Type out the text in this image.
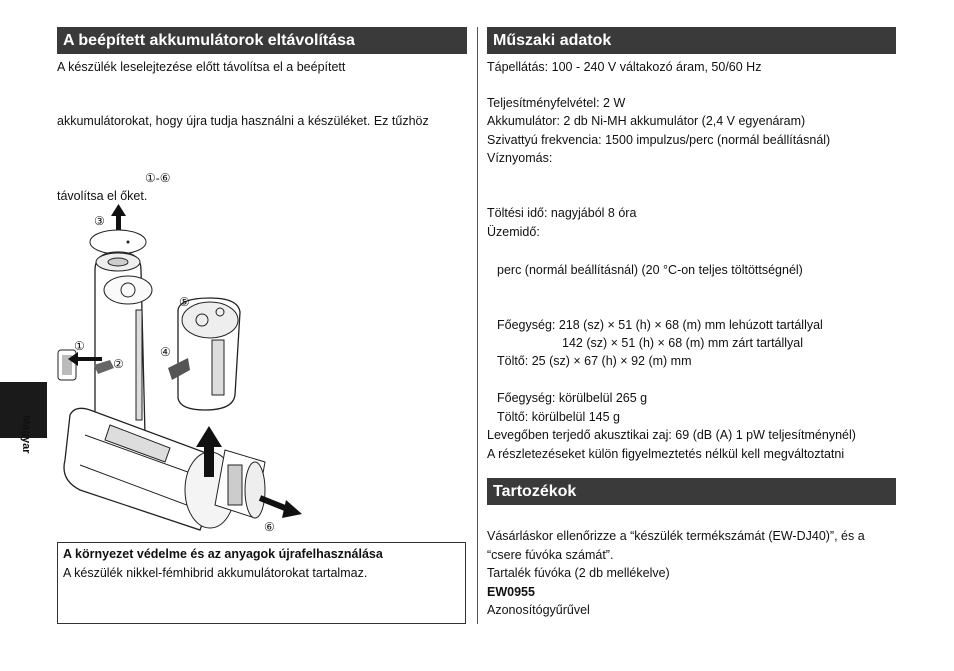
A beépített akkumulátorok eltávolítása
A készülék leselejtezése előtt távolítsa el a beépített
akkumulátorokat, hogy újra tudja használni a készüléket. Ez tűzhöz
①-⑥
távolítsa el őket.
③
⑤
①
②
④
⑥
A környezet védelme és az anyagok újrafelhasználása
A készülék nikkel-fémhibrid akkumulátorokat tartalmaz.
Magyar
Műszaki adatok
Tápellátás: 100 - 240 V váltakozó áram, 50/60 Hz
Teljesítményfelvétel: 2 W
Akkumulátor: 2 db Ni-MH akkumulátor (2,4 V egyenáram)
Szivattyú frekvencia: 1500 impulzus/perc (normál beállításnál)
Víznyomás:
Töltési idő: nagyjából 8 óra
Üzemidő:
perc (normál beállításnál) (20 °C-on teljes töltöttségnél)
Főegység: 218 (sz) × 51 (h) × 68 (m) mm lehúzott tartállyal
142 (sz) × 51 (h) × 68 (m) mm zárt tartállyal
Töltő: 25 (sz) × 67 (h) × 92 (m) mm
Főegység: körülbelül 265 g
Töltő: körülbelül 145 g
Levegőben terjedő akusztikai zaj: 69 (dB (A) 1 pW teljesítménynél)
A részletezéseket külön figyelmeztetés nélkül kell megváltoztatni
Tartozékok
Vásárláskor ellenőrizze a “készülék termékszámát (EW-DJ40)”, és a
“csere fúvóka számát”.
Tartalék fúvóka (2 db mellékelve)
EW0955
Azonosítógyűrűvel
